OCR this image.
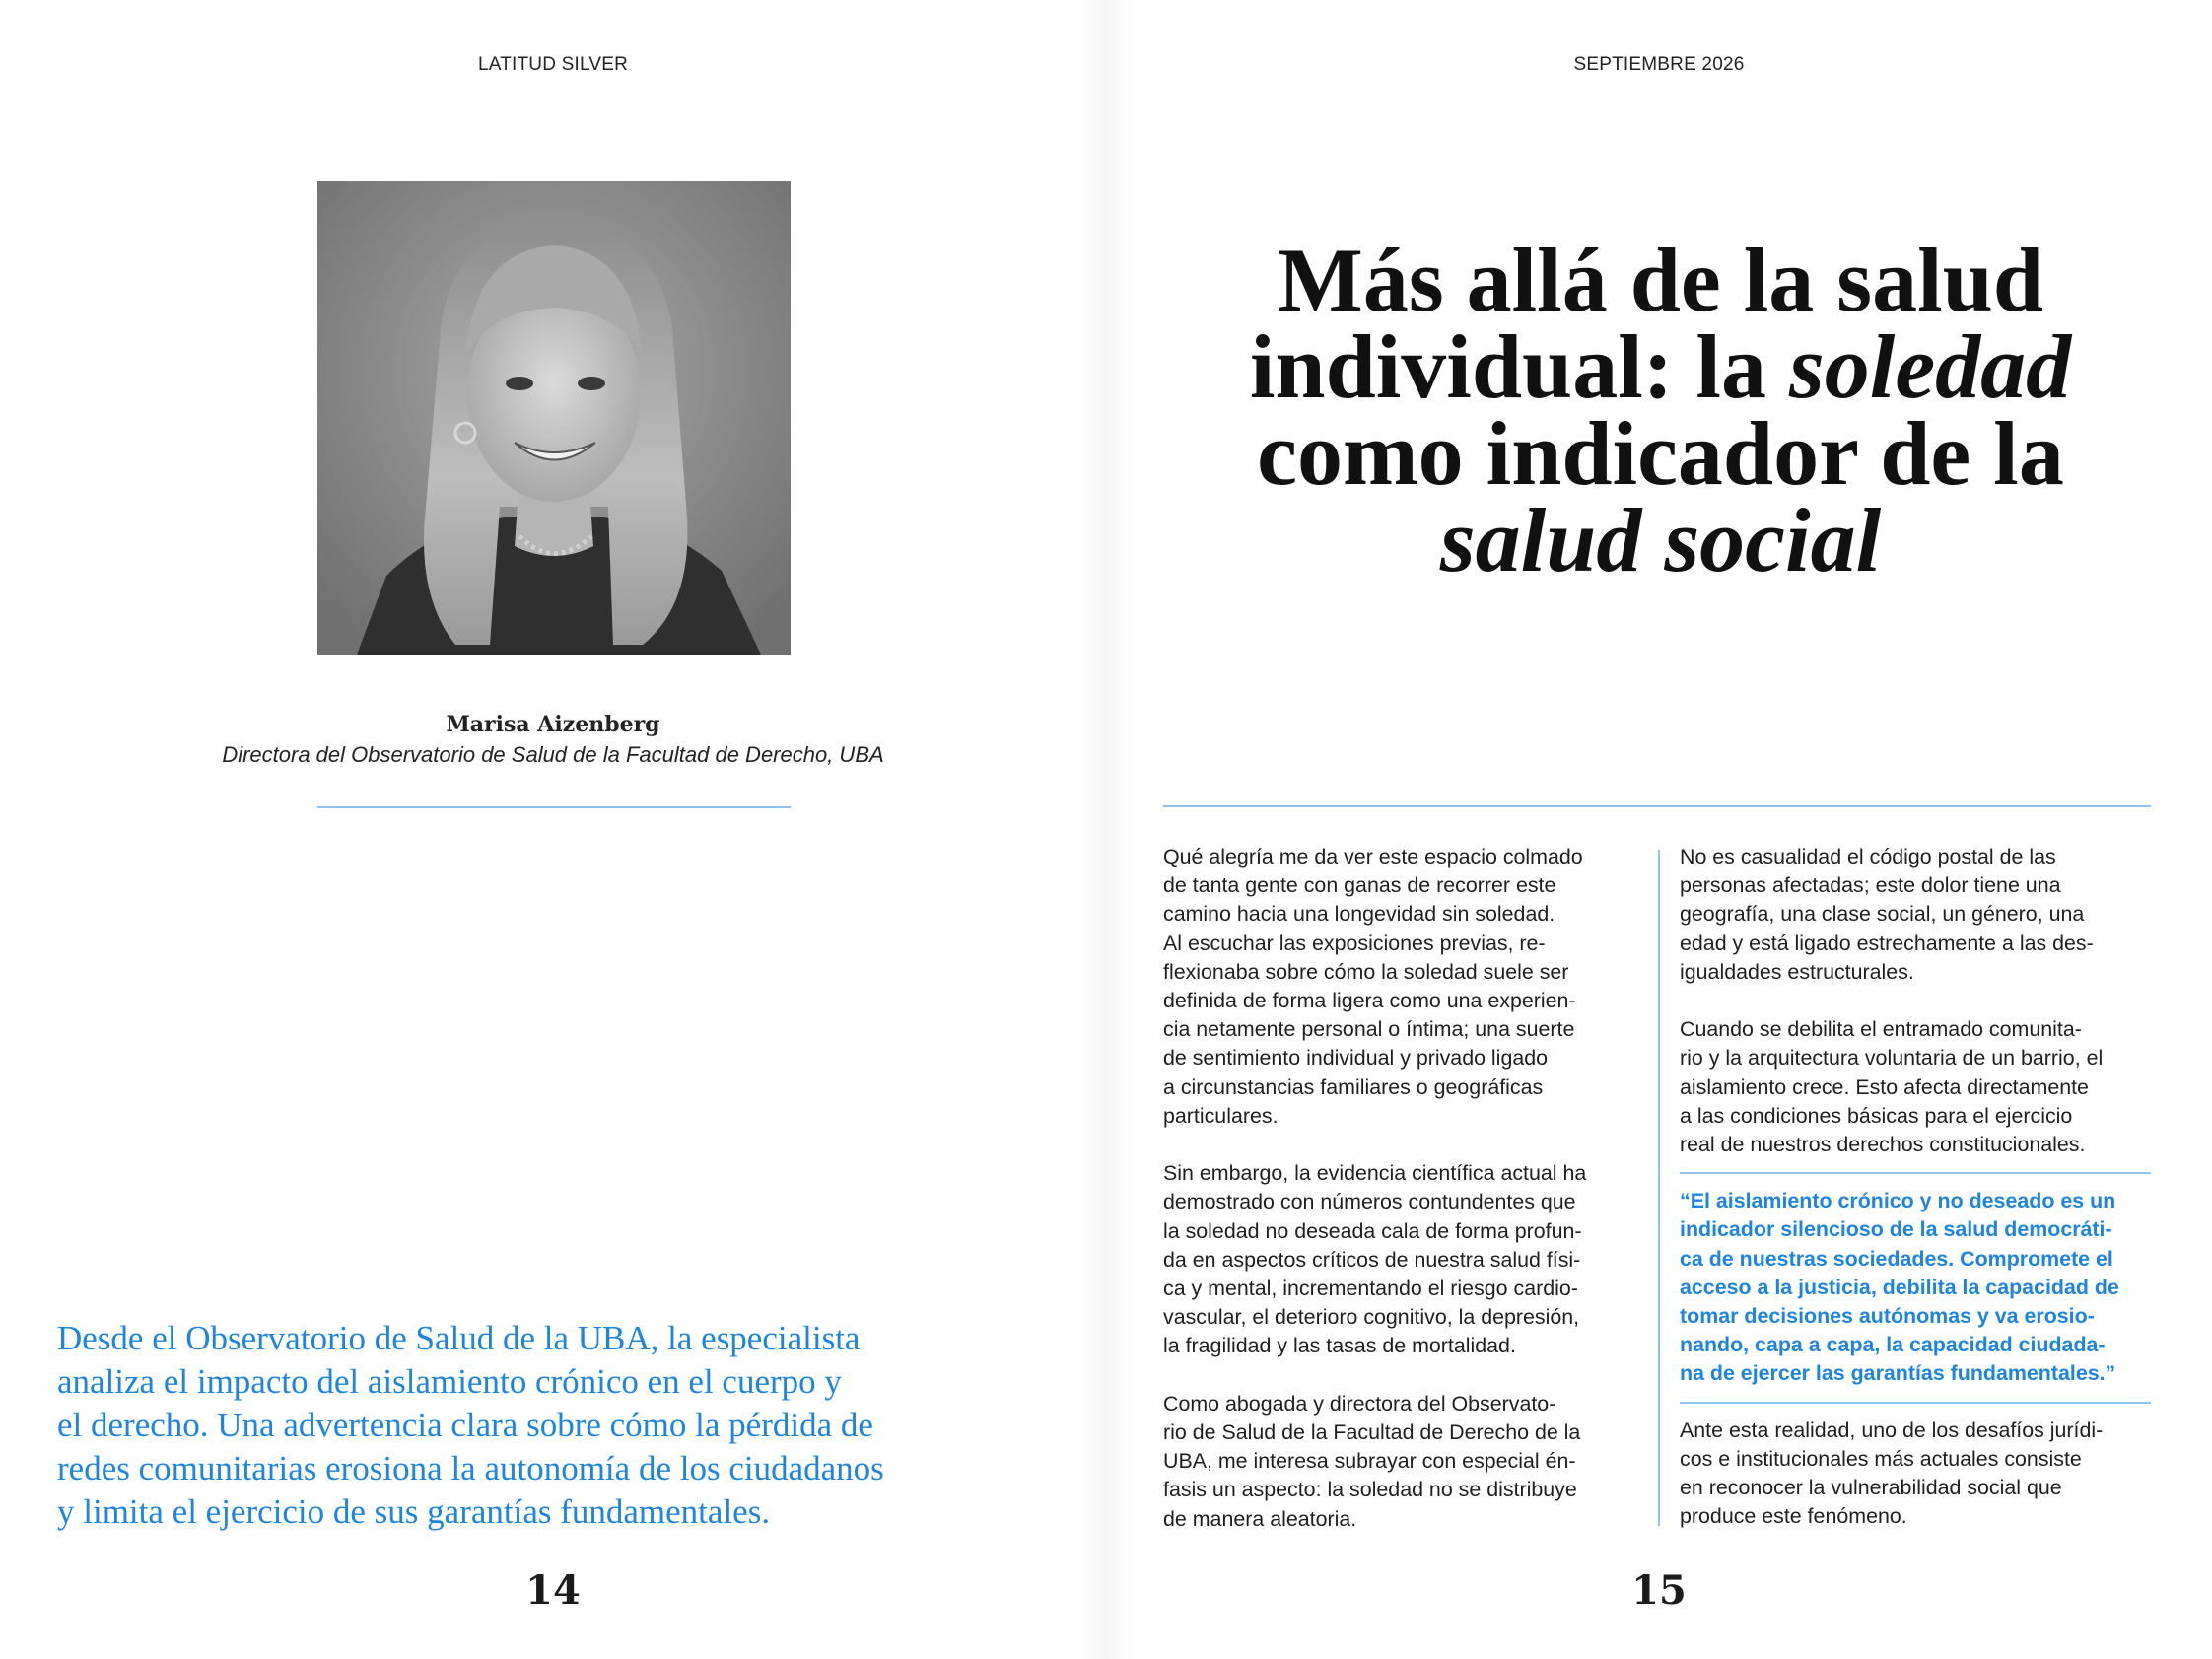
LATITUD SILVER
Marisa Aizenberg
Directora del Observatorio de Salud de la Facultad de Derecho, UBA
Desde el Observatorio de Salud de la UBA, la especialista
analiza el impacto del aislamiento crónico en el cuerpo y
el derecho. Una advertencia clara sobre cómo la pérdida de
redes comunitarias erosiona la autonomía de los ciudadanos
y limita el ejercicio de sus garantías fundamentales.
14
SEPTIEMBRE 2026
Más allá de la salud
individual: la soledad
como indicador de la
salud social

Qué alegría me da ver este espacio colmado
de tanta gente con ganas de recorrer este
camino hacia una longevidad sin soledad.
Al escuchar las exposiciones previas, re-
flexionaba sobre cómo la soledad suele ser
definida de forma ligera como una experien-
cia netamente personal o íntima; una suerte
de sentimiento individual y privado ligado
a circunstancias familiares o geográficas
particulares.

Sin embargo, la evidencia científica actual ha
demostrado con números contundentes que
la soledad no deseada cala de forma profun-
da en aspectos críticos de nuestra salud físi-
ca y mental, incrementando el riesgo cardio-
vascular, el deterioro cognitivo, la depresión,
la fragilidad y las tasas de mortalidad.

Como abogada y directora del Observato-
rio de Salud de la Facultad de Derecho de la
UBA, me interesa subrayar con especial én-
fasis un aspecto: la soledad no se distribuye
de manera aleatoria.

No es casualidad el código postal de las
personas afectadas; este dolor tiene una
geografía, una clase social, un género, una
edad y está ligado estrechamente a las des-
igualdades estructurales.

Cuando se debilita el entramado comunita-
rio y la arquitectura voluntaria de un barrio, el
aislamiento crece. Esto afecta directamente
a las condiciones básicas para el ejercicio
real de nuestros derechos constitucionales.

“El aislamiento crónico y no deseado es un
indicador silencioso de la salud democráti-
ca de nuestras sociedades. Compromete el
acceso a la justicia, debilita la capacidad de
tomar decisiones autónomas y va erosio-
nando, capa a capa, la capacidad ciudada-
na de ejercer las garantías fundamentales.”

Ante esta realidad, uno de los desafíos jurídi-
cos e institucionales más actuales consiste
en reconocer la vulnerabilidad social que
produce este fenómeno.

15
